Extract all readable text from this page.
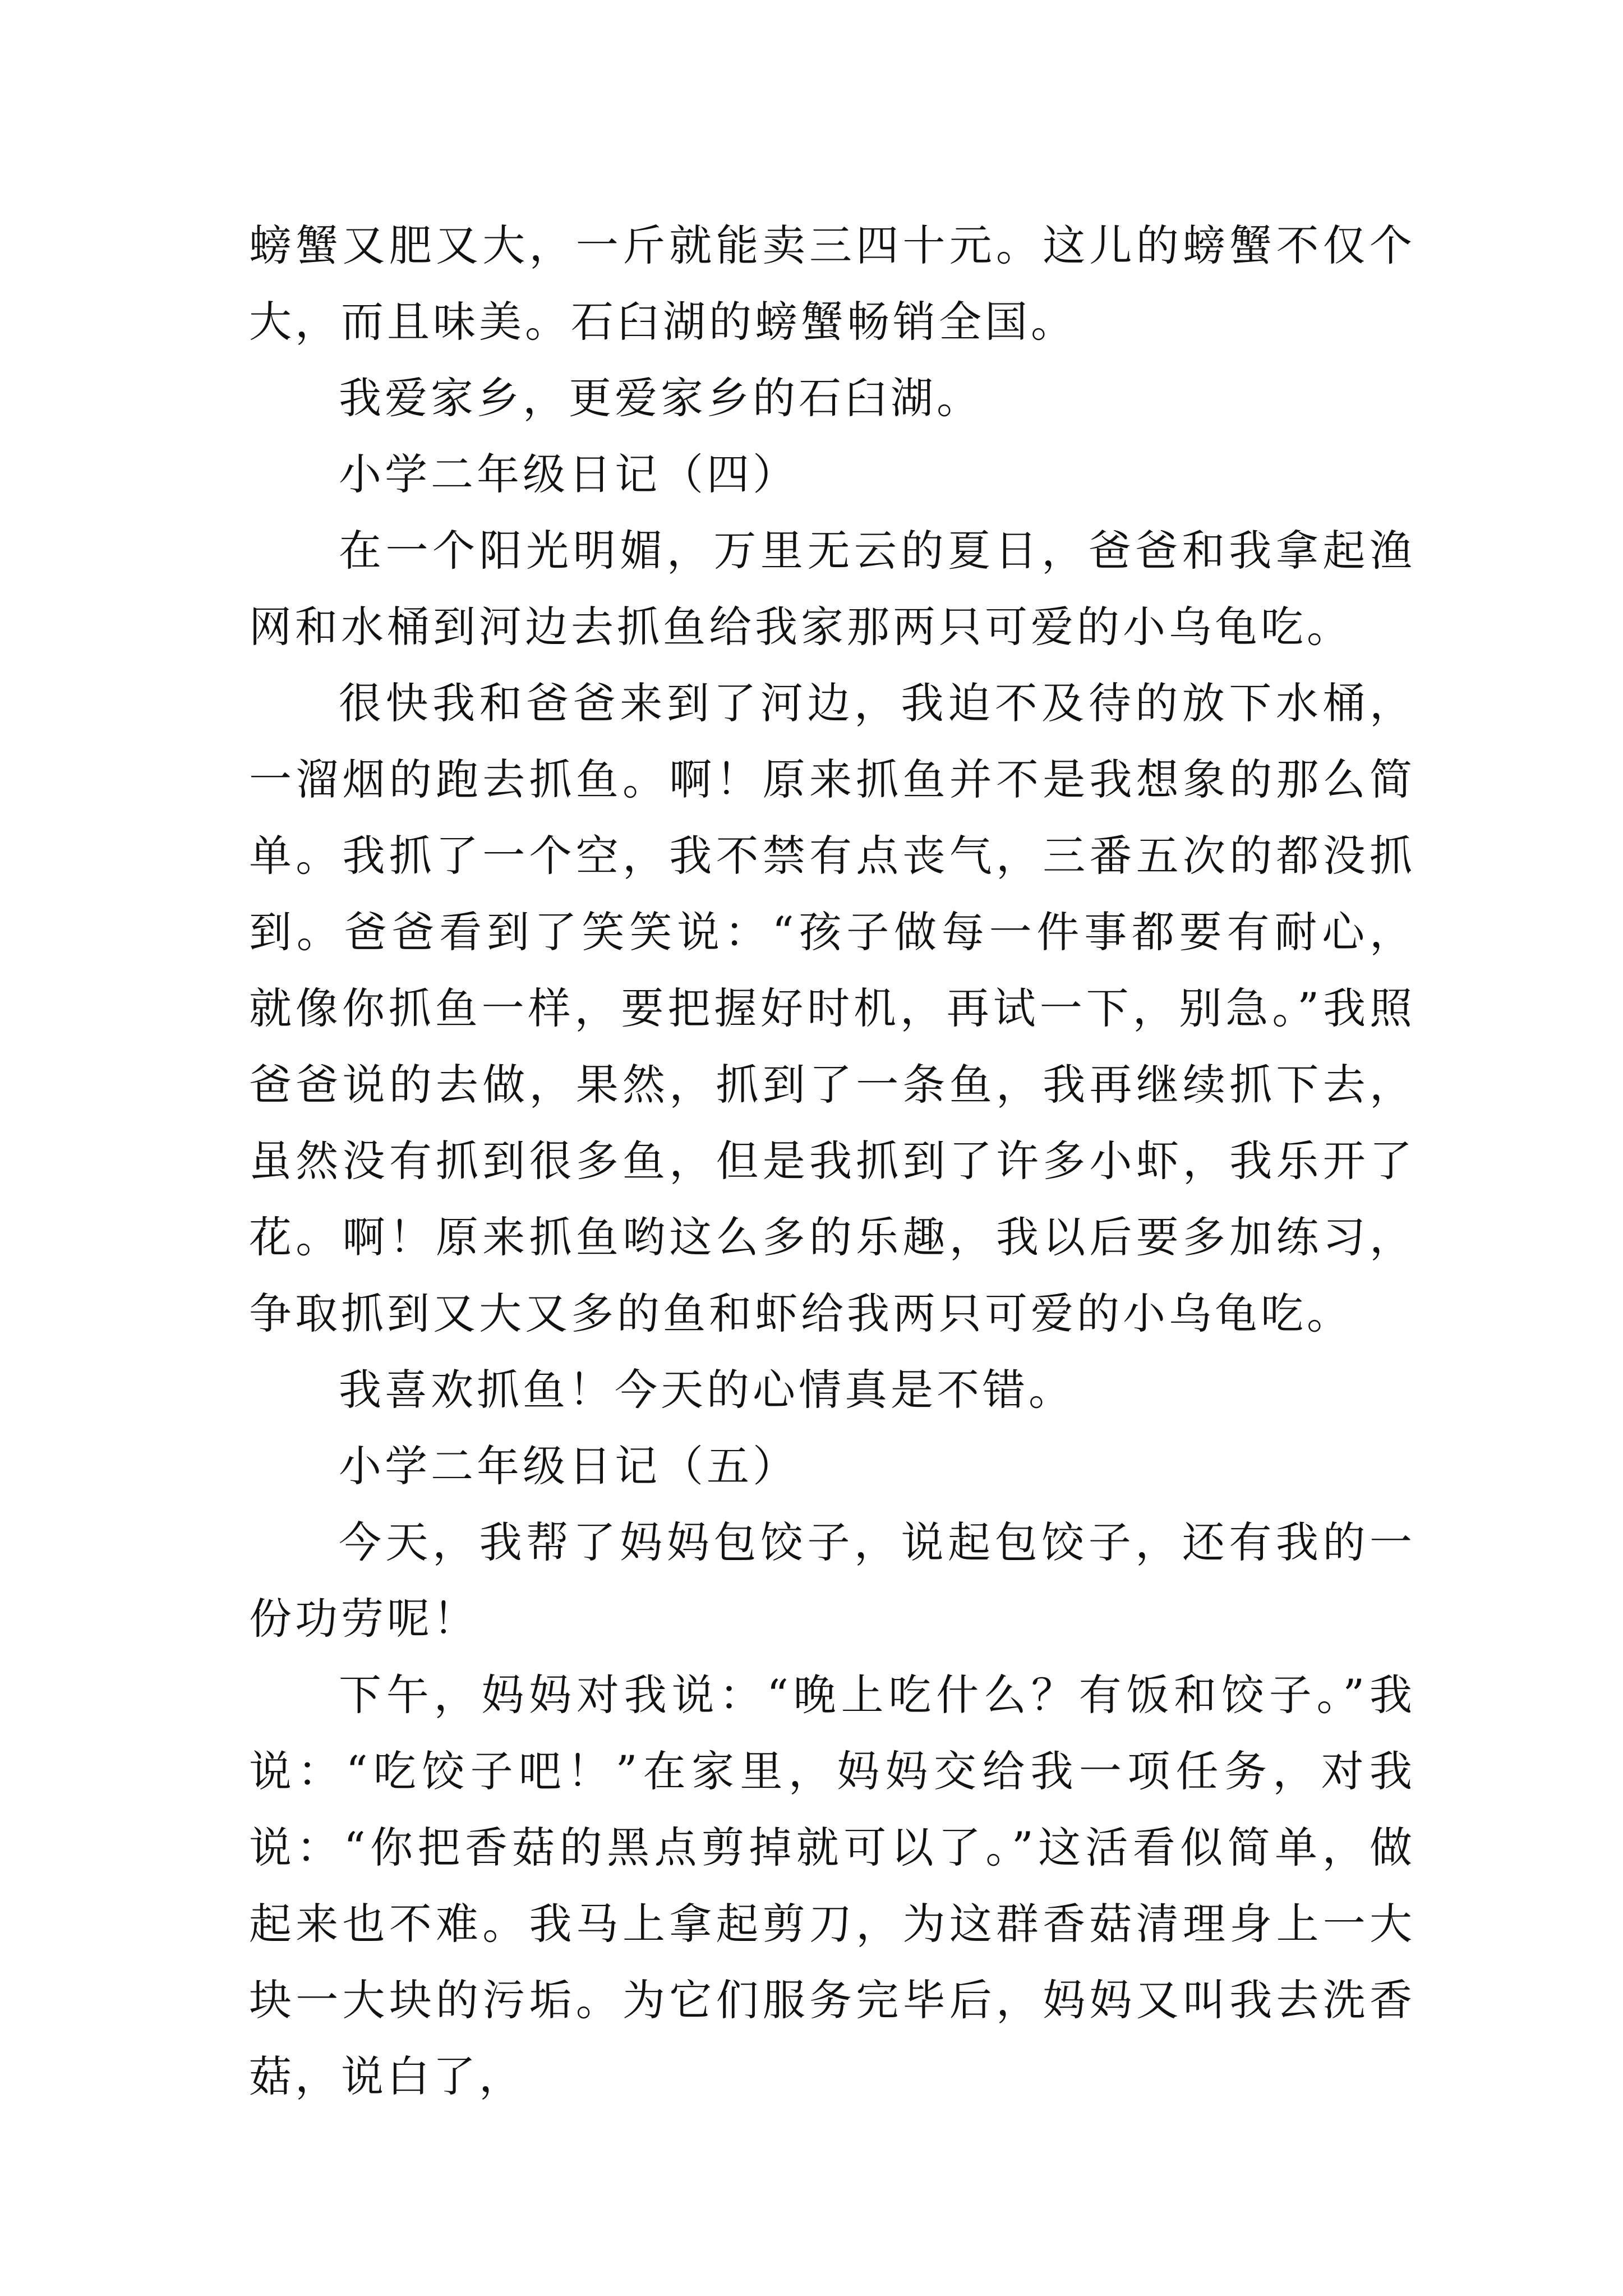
螃蟹又肥又大，一斤就能卖三四十元。这儿的螃蟹不仅个大，而且味美。石臼湖的螃蟹畅销全国。

我爱家乡，更爱家乡的石臼湖。

小学二年级日记（四）

在一个阳光明媚，万里无云的夏日，爸爸和我拿起渔网和水桶到河边去抓鱼给我家那两只可爱的小乌龟吃。

很快我和爸爸来到了河边，我迫不及待的放下水桶，一溜烟的跑去抓鱼。啊！原来抓鱼并不是我想象的那么简单。我抓了一个空，我不禁有点丧气，三番五次的都没抓到。爸爸看到了笑笑说：“孩子做每一件事都要有耐心，就像你抓鱼一样，要把握好时机，再试一下，别急。”我照爸爸说的去做，果然，抓到了一条鱼，我再继续抓下去，虽然没有抓到很多鱼，但是我抓到了许多小虾，我乐开了花。啊！原来抓鱼哟这么多的乐趣，我以后要多加练习，争取抓到又大又多的鱼和虾给我两只可爱的小乌龟吃。

我喜欢抓鱼！今天的心情真是不错。

小学二年级日记（五）

今天，我帮了妈妈包饺子，说起包饺子，还有我的一份功劳呢！

下午，妈妈对我说：“晚上吃什么？有饭和饺子。”我说：“吃饺子吧！”在家里，妈妈交给我一项任务，对我说：“你把香菇的黑点剪掉就可以了。”这活看似简单，做起来也不难。我马上拿起剪刀，为这群香菇清理身上一大块一大块的污垢。为它们服务完毕后，妈妈又叫我去洗香菇，说白了，
